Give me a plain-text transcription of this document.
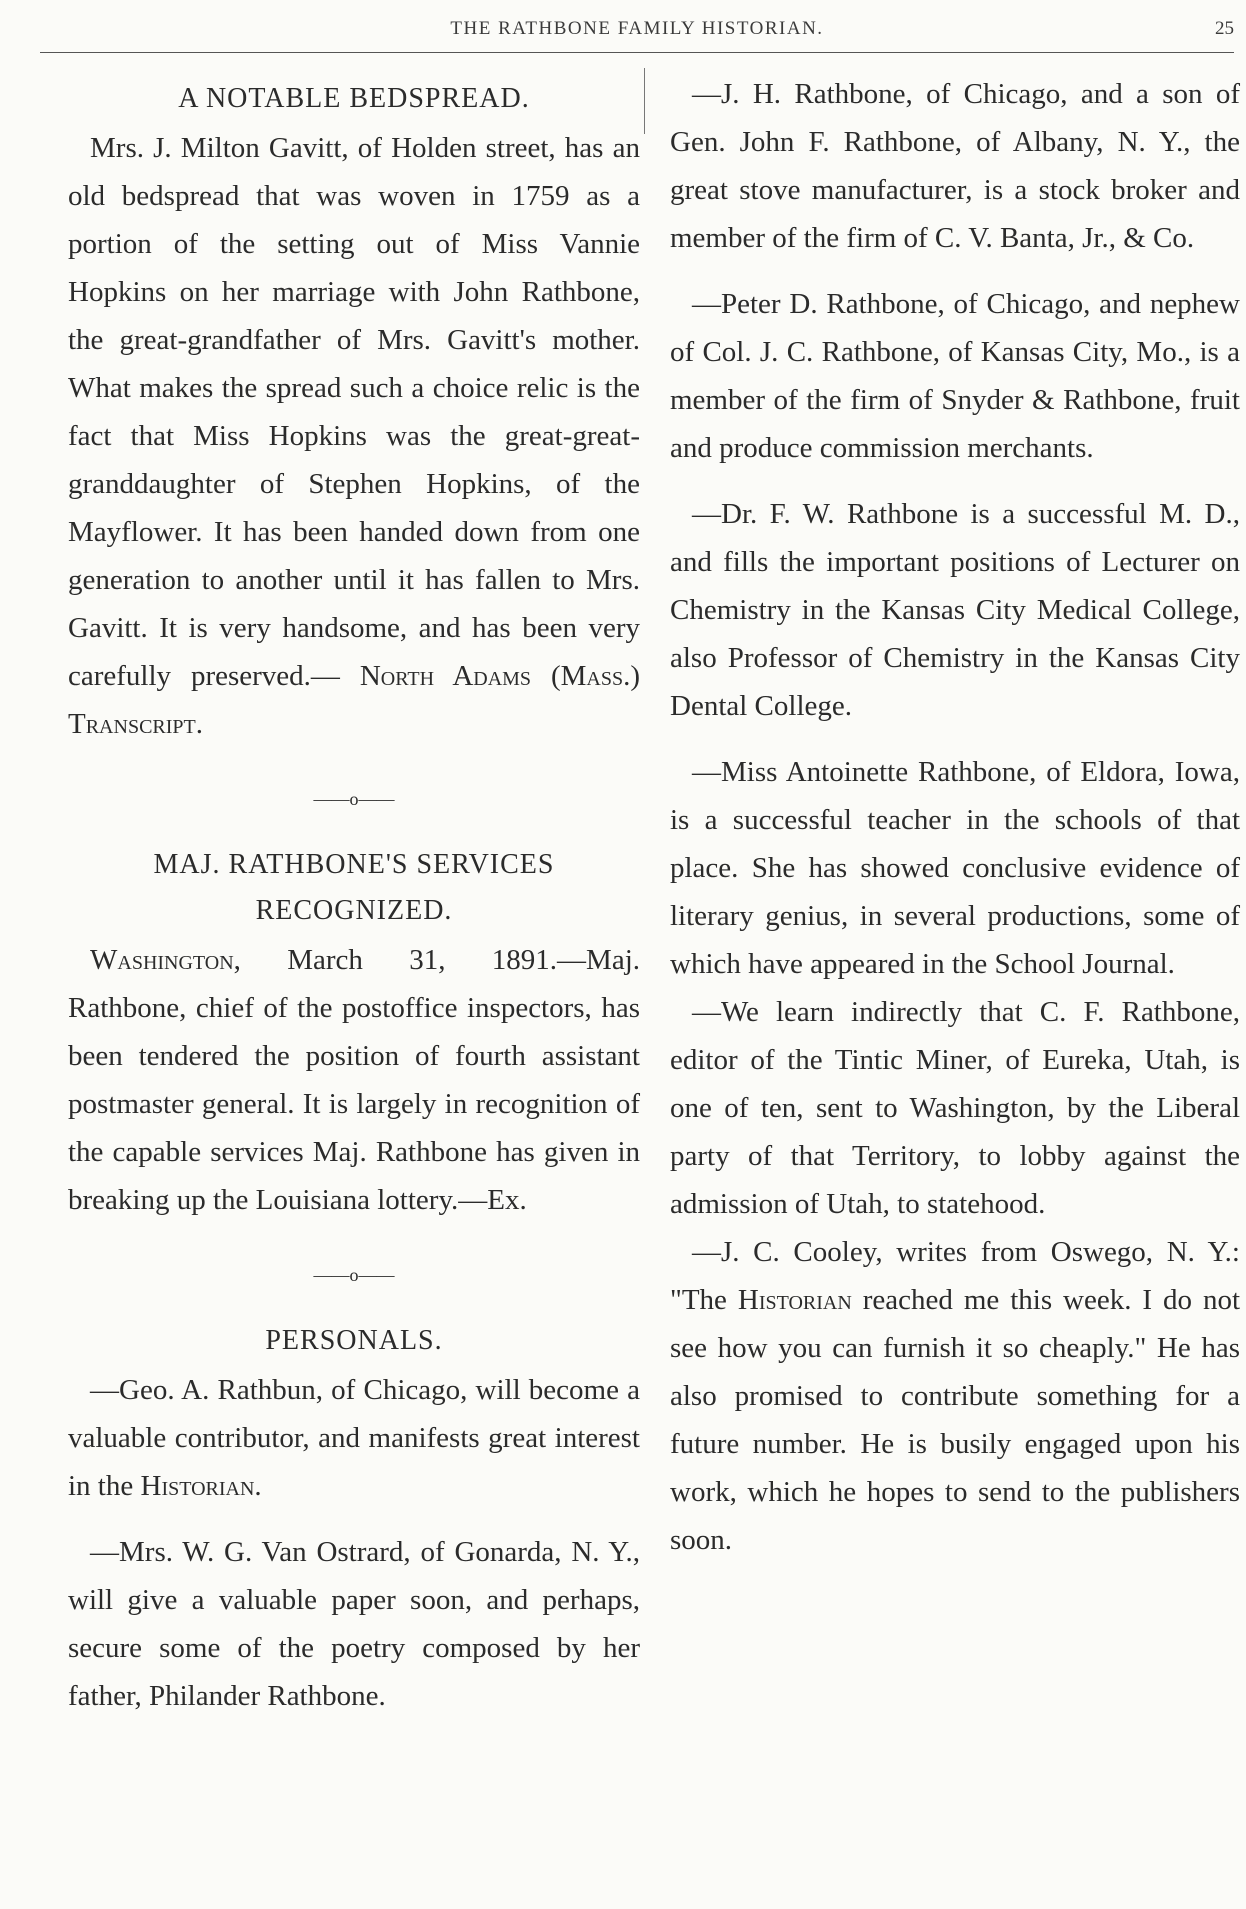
THE RATHBONE FAMILY HISTORIAN.	25
A NOTABLE BEDSPREAD.

Mrs. J. Milton Gavitt, of Holden street, has an old bedspread that was woven in 1759 as a portion of the setting out of Miss Vannie Hopkins on her marriage with John Rathbone, the great-grandfather of Mrs. Gavitt's mother. What makes the spread such a choice relic is the fact that Miss Hopkins was the great-great-granddaughter of Stephen Hopkins, of the Mayflower. It has been handed down from one generation to another until it has fallen to Mrs. Gavitt. It is very handsome, and has been very carefully preserved.— North Adams (Mass.) Transcript.

——o——
MAJ. RATHBONE'S SERVICES RECOGNIZED.

Washington, March 31, 1891.—Maj. Rathbone, chief of the postoffice inspectors, has been tendered the position of fourth assistant postmaster general. It is largely in recognition of the capable services Maj. Rathbone has given in breaking up the Louisiana lottery.—Ex.

——o——
PERSONALS.

—Geo. A. Rathbun, of Chicago, will become a valuable contributor, and manifests great interest in the Historian.

—Mrs. W. G. Van Ostrard, of Gonarda, N. Y., will give a valuable paper soon, and perhaps, secure some of the poetry composed by her father, Philander Rathbone.

—J. H. Rathbone, of Chicago, and a son of Gen. John F. Rathbone, of Albany, N. Y., the great stove manufacturer, is a stock broker and member of the firm of C. V. Banta, Jr., & Co.

—Peter D. Rathbone, of Chicago, and nephew of Col. J. C. Rathbone, of Kansas City, Mo., is a member of the firm of Snyder & Rathbone, fruit and produce commission merchants.

—Dr. F. W. Rathbone is a successful M. D., and fills the important positions of Lecturer on Chemistry in the Kansas City Medical College, also Professor of Chemistry in the Kansas City Dental College.

—Miss Antoinette Rathbone, of Eldora, Iowa, is a successful teacher in the schools of that place. She has showed conclusive evidence of literary genius, in several productions, some of which have appeared in the School Journal.

—We learn indirectly that C. F. Rathbone, editor of the Tintic Miner, of Eureka, Utah, is one of ten, sent to Washington, by the Liberal party of that Territory, to lobby against the admission of Utah, to statehood.

—J. C. Cooley, writes from Oswego, N. Y.: "The Historian reached me this week. I do not see how you can furnish it so cheaply." He has also promised to contribute something for a future number. He is busily engaged upon his work, which he hopes to send to the publishers soon.
